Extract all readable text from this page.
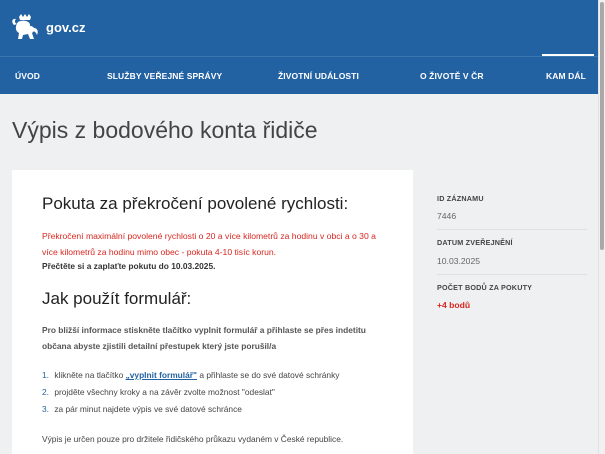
gov.cz
ÚVOD	SLUŽBY VEŘEJNÉ SPRÁVY	ŽIVOTNÍ UDÁLOSTI	O ŽIVOTĚ V ČR	KAM DÁL
Výpis z bodového konta řidiče
Pokuta za překročení povolené rychlosti:

Překročení maximální povolené rychlosti o 20 a více kilometrů za hodinu v obci a o 30 a více kilometrů za hodinu mimo obec - pokuta 4-10 tisíc korun.

Přečtěte si a zaplaťte pokutu do 10.03.2025.

Jak použít formulář:

Pro bližší informace stiskněte tlačítko vyplnit formulář a přihlaste se přes indetitu občana abyste zjistili detailní přestupek který jste porušil/a

1. klikněte na tlačítko „vyplnit formulář" a přihlaste se do své datové schránky
2. projděte všechny kroky a na závěr zvolte možnost "odeslat"
3. za pár minut najdete výpis ve své datové schránce

Výpis je určen pouze pro držitele řidičského průkazu vydaném v České republice.

ID ZÁZNAMU
7446
DATUM ZVEŘEJNĚNÍ
10.03.2025
POČET BODŮ ZA POKUTY
+4 bodů
